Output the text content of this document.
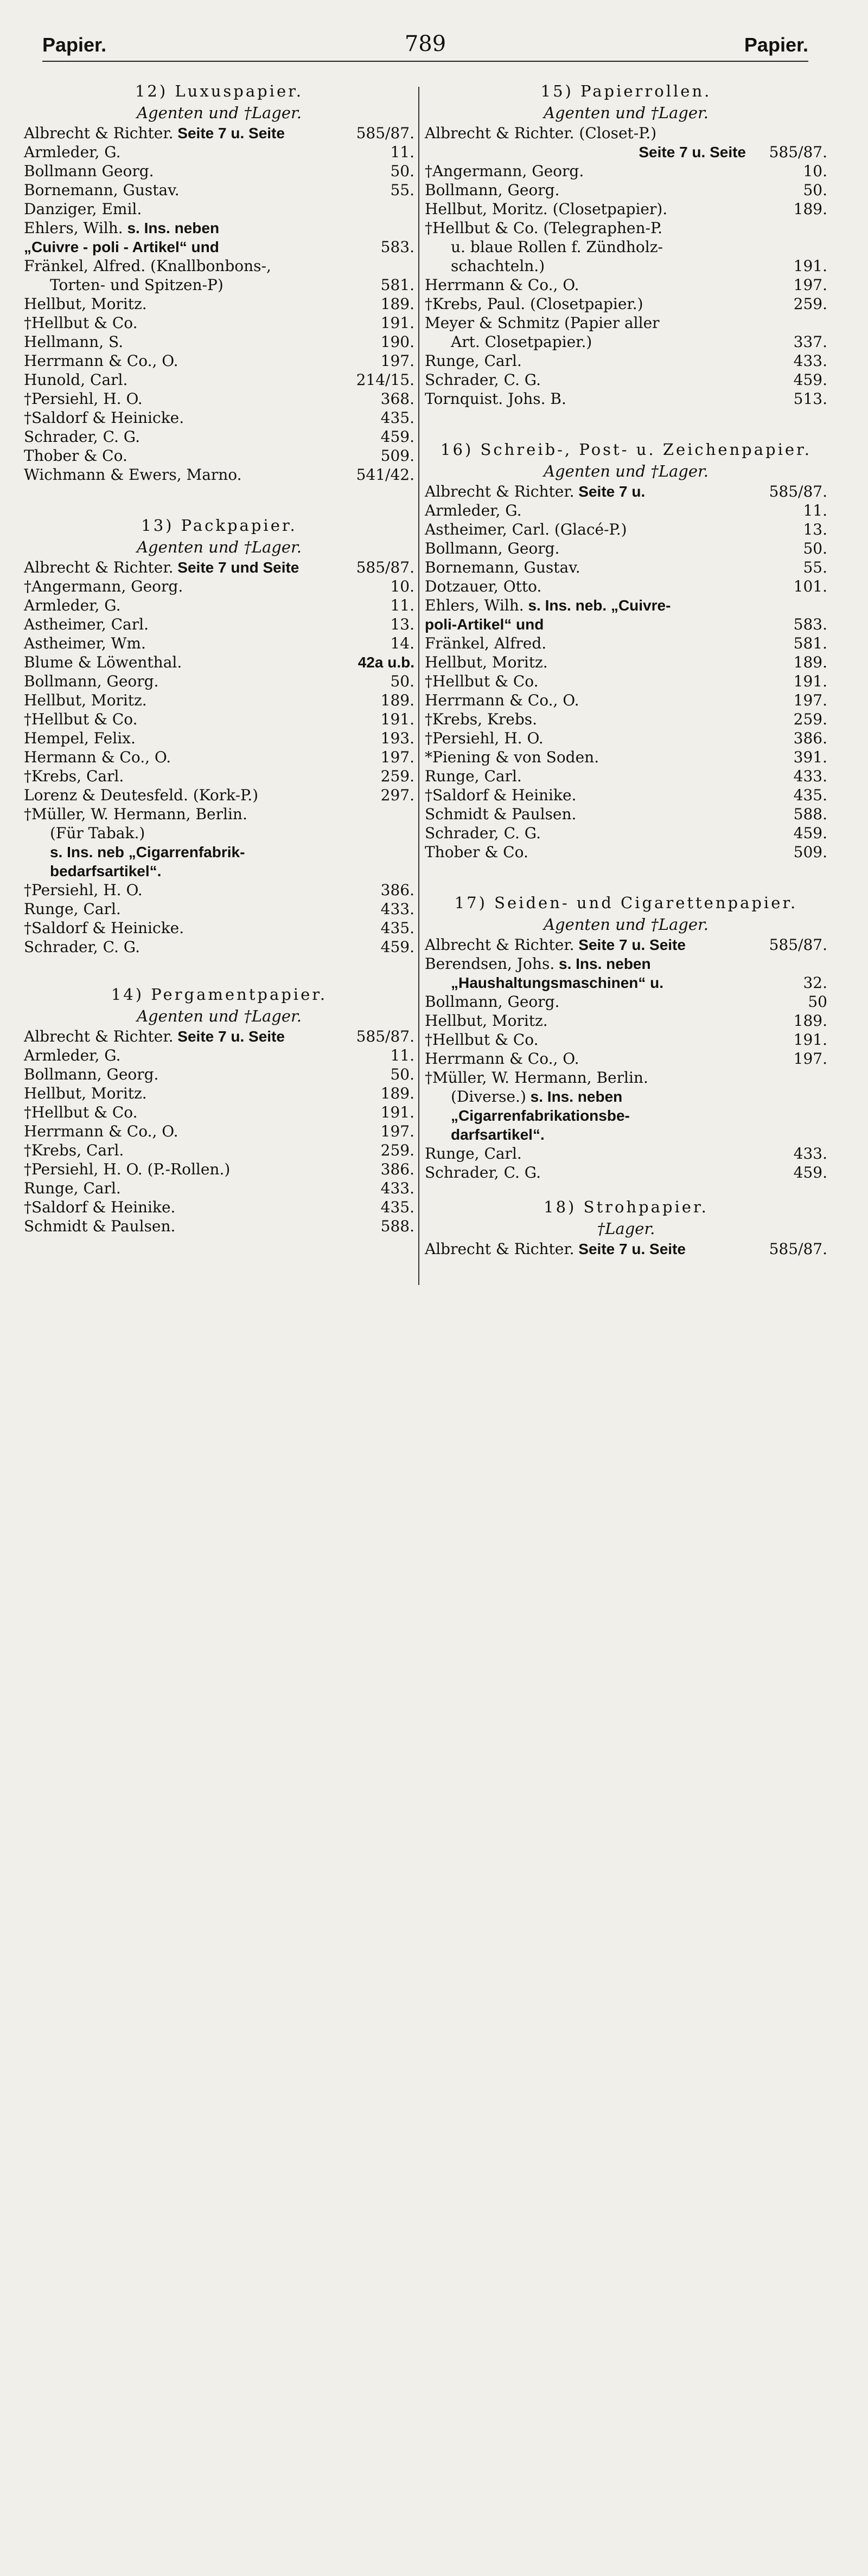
Papier.	789	Papier.
12) Luxuspapier.
Agenten und †Lager.
Albrecht & Richter. Seite 7 u. Seite	585/87.
Armleder, G.	11.
Bollmann Georg.	50.
Bornemann, Gustav.	55.
Danziger, Emil.
Ehlers, Wilh. s. Ins. neben
„Cuivre - poli - Artikel“ und	583.
Fränkel, Alfred. (Knallbonbons-,
Torten- und Spitzen-P)	581.
Hellbut, Moritz.	189.
†Hellbut & Co.	191.
Hellmann, S.	190.
Herrmann & Co., O.	197.
Hunold, Carl.	214/15.
†Persiehl, H. O.	368.
†Saldorf & Heinicke.	435.
Schrader, C. G.	459.
Thober & Co.	509.
Wichmann & Ewers, Marno.	541/42.
13) Packpapier.
Agenten und †Lager.
Albrecht & Richter. Seite 7 und Seite	585/87.
†Angermann, Georg.	10.
Armleder, G.	11.
Astheimer, Carl.	13.
Astheimer, Wm.	14.
Blume & Löwenthal.	42a u.b.
Bollmann, Georg.	50.
Hellbut, Moritz.	189.
†Hellbut & Co.	191.
Hempel, Felix.	193.
Hermann & Co., O.	197.
†Krebs, Carl.	259.
Lorenz & Deutesfeld. (Kork-P.)	297.
†Müller, W. Hermann, Berlin.
(Für Tabak.)
s. Ins. neb „Cigarrenfabrik-
bedarfsartikel“.
†Persiehl, H. O.	386.
Runge, Carl.	433.
†Saldorf & Heinicke.	435.
Schrader, C. G.	459.
14) Pergamentpapier.
Agenten und †Lager.
Albrecht & Richter. Seite 7 u. Seite	585/87.
Armleder, G.	11.
Bollmann, Georg.	50.
Hellbut, Moritz.	189.
†Hellbut & Co.	191.
Herrmann & Co., O.	197.
†Krebs, Carl.	259.
†Persiehl, H. O. (P.-Rollen.)	386.
Runge, Carl.	433.
†Saldorf & Heinike.	435.
Schmidt & Paulsen.	588.
15) Papierrollen.
Agenten und †Lager.
Albrecht & Richter. (Closet-P.)
Seite 7 u. Seite	585/87.
†Angermann, Georg.	10.
Bollmann, Georg.	50.
Hellbut, Moritz. (Closetpapier).	189.
†Hellbut & Co. (Telegraphen-P.
u. blaue Rollen f. Zündholz-
schachteln.)	191.
Herrmann & Co., O.	197.
†Krebs, Paul. (Closetpapier.)	259.
Meyer & Schmitz (Papier aller
Art. Closetpapier.)	337.
Runge, Carl.	433.
Schrader, C. G.	459.
Tornquist. Johs. B.	513.
16) Schreib-, Post- u. Zeichenpapier.
Agenten und †Lager.
Albrecht & Richter. Seite 7 u.	585/87.
Armleder, G.	11.
Astheimer, Carl. (Glacé-P.)	13.
Bollmann, Georg.	50.
Bornemann, Gustav.	55.
Dotzauer, Otto.	101.
Ehlers, Wilh. s. Ins. neb. „Cuivre-
poli-Artikel“ und	583.
Fränkel, Alfred.	581.
Hellbut, Moritz.	189.
†Hellbut & Co.	191.
Herrmann & Co., O.	197.
†Krebs, Krebs.	259.
†Persiehl, H. O.	386.
*Piening & von Soden.	391.
Runge, Carl.	433.
†Saldorf & Heinike.	435.
Schmidt & Paulsen.	588.
Schrader, C. G.	459.
Thober & Co.	509.
17) Seiden- und Cigarettenpapier.
Agenten und †Lager.
Albrecht & Richter. Seite 7 u. Seite	585/87.
Berendsen, Johs. s. Ins. neben
„Haushaltungsmaschinen“ u.	32.
Bollmann, Georg.	50
Hellbut, Moritz.	189.
†Hellbut & Co.	191.
Herrmann & Co., O.	197.
†Müller, W. Hermann, Berlin.
(Diverse.) s. Ins. neben
„Cigarrenfabrikationsbe-
darfsartikel“.
Runge, Carl.	433.
Schrader, C. G.	459.
18) Strohpapier.
†Lager.
Albrecht & Richter. Seite 7 u. Seite	585/87.
